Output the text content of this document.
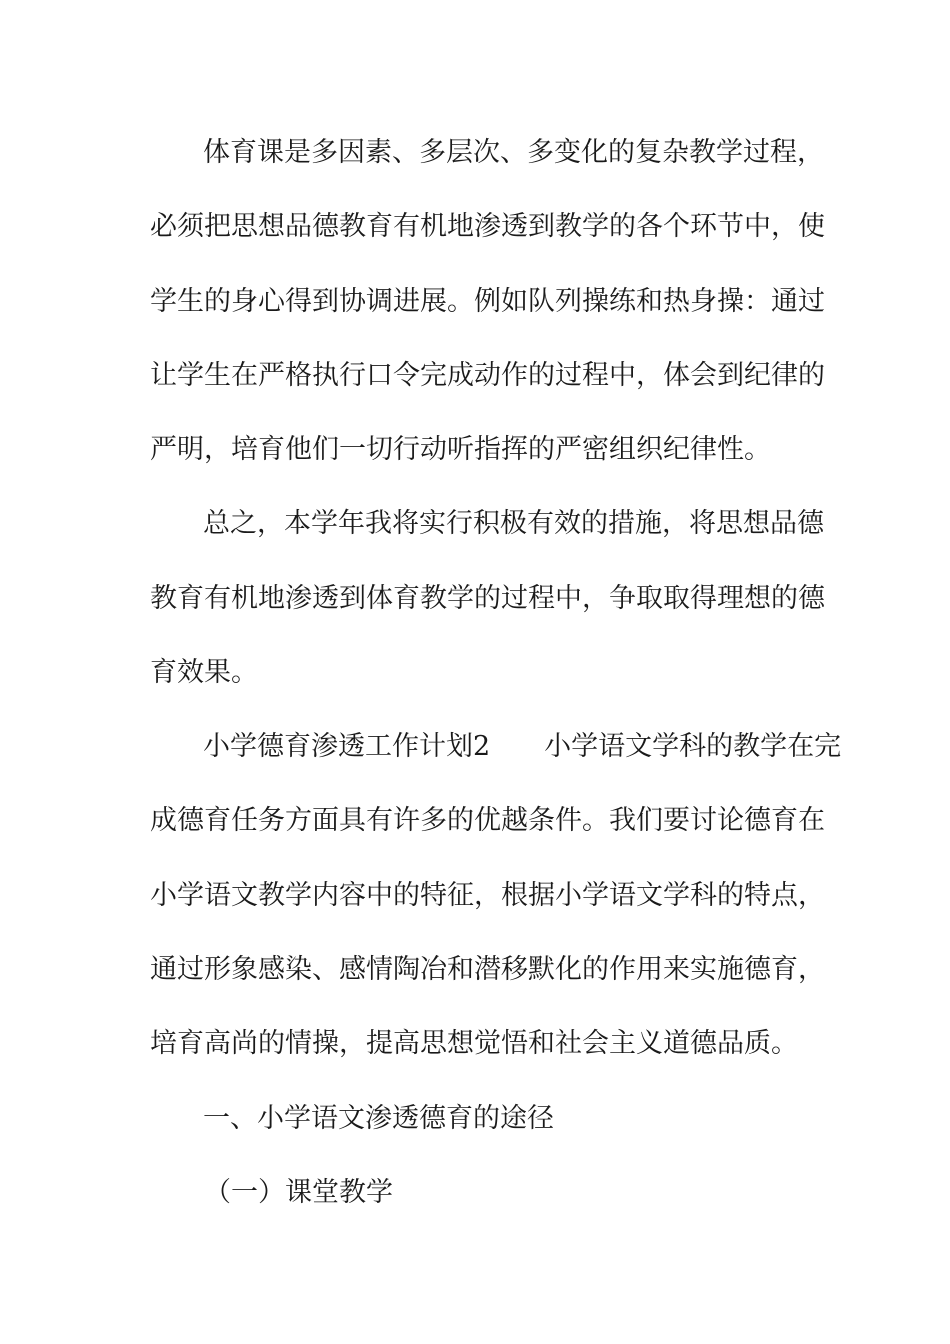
体育课是多因素、多层次、多变化的复杂教学过程，
必须把思想品德教育有机地渗透到教学的各个环节中，使
学生的身心得到协调进展。例如队列操练和热身操：通过
让学生在严格执行口令完成动作的过程中，体会到纪律的
严明，培育他们一切行动听指挥的严密组织纪律性。
总之，本学年我将实行积极有效的措施，将思想品德
教育有机地渗透到体育教学的过程中，争取取得理想的德
育效果。
小学德育渗透工作计划2　　小学语文学科的教学在完
成德育任务方面具有许多的优越条件。我们要讨论德育在
小学语文教学内容中的特征，根据小学语文学科的特点，
通过形象感染、感情陶冶和潜移默化的作用来实施德育，
培育高尚的情操，提高思想觉悟和社会主义道德品质。
一、小学语文渗透德育的途径
（一）课堂教学
